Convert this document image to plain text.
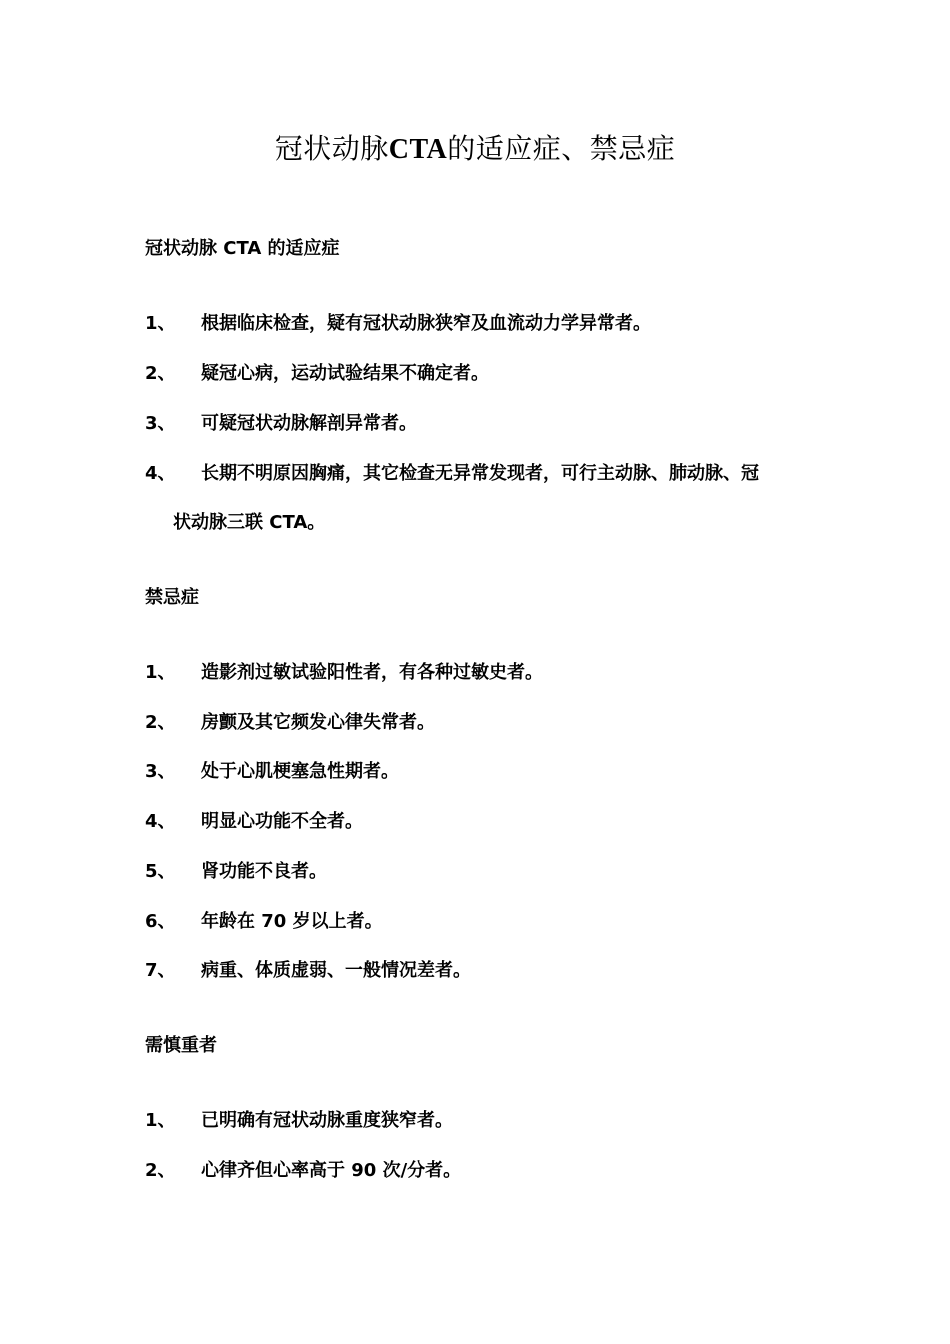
冠状动脉CTA的适应症、禁忌症
冠状动脉 CTA 的适应症
1、	根据临床检查，疑有冠状动脉狭窄及血流动力学异常者。
2、	疑冠心病，运动试验结果不确定者。
3、	可疑冠状动脉解剖异常者。
4、	长期不明原因胸痛，其它检查无异常发现者，可行主动脉、肺动脉、冠
状动脉三联 CTA。
禁忌症
1、	造影剂过敏试验阳性者，有各种过敏史者。
2、	房颤及其它频发心律失常者。
3、	处于心肌梗塞急性期者。
4、	明显心功能不全者。
5、	肾功能不良者。
6、	年龄在 70 岁以上者。
7、	病重、体质虚弱、一般情况差者。
需慎重者
1、	已明确有冠状动脉重度狭窄者。
2、	心律齐但心率高于 90 次/分者。
